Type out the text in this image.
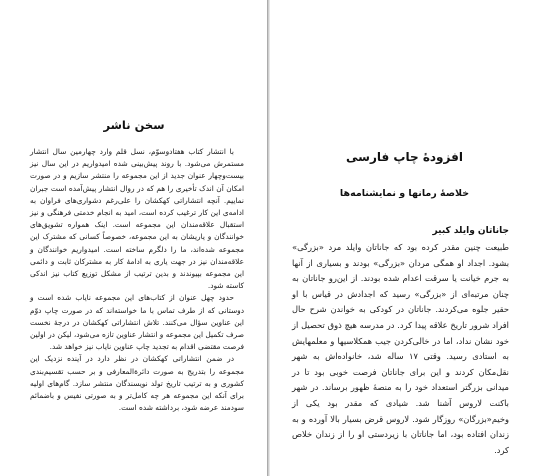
سخن ناشر

با انتشار کتاب هفتادوسوّم، نسل قلم وارد چهارمین سال انتشار مستمرش می‌شود. با روند پیش‌بینی شده امیدواریم در این سال نیز بیست‌وچهار عنوان جدید از این مجموعه را منتشر سازیم و در صورت امکان آن اندک تأخیری را هم که در روال انتشار پیش‌آمده است جبران نماییم. آنچه انتشاراتی کهکشان را علی‌رغم دشواری‌های فراوان به ادامه‌ی این کار ترغیب کرده است، امید به انجام خدمتی فرهنگی و نیز استقبال علاقه‌مندان این مجموعه است. اینک همواره تشویق‌های خوانندگان و یاریشان به این مجموعه، خصوصاً کسانی که مشترک این مجموعه شده‌اند، ما را دلگرم ساخته است. امیدواریم خوانندگان و علاقه‌مندان نیز در جهت یاری به ادامهٔ کار به مشترکان ثابت و دائمی این مجموعه بپیوندند و بدین ترتیب از مشکل توزیع کتاب نیز اندکی کاسته شود.

حدود چهل عنوان از کتاب‌های این مجموعه نایاب شده است و دوستانی که از طرف تماس با ما خواسته‌اند که در صورت چاپ دوّم این عناوین سؤال می‌کنند. تلاش انتشاراتی کهکشان در درجهٔ نخست صرف تکمیل این مجموعه و انتشار عناوین تازه می‌شود، لیکن در اولین فرصت مقتضی اقدام به تجدید چاپ عناوین نایاب نیز خواهد شد.

در ضمن انتشاراتی کهکشان در نظر دارد در آینده نزدیک این مجموعه را بتدریج به صورت دائرةالمعارفی و بر حسب تقسیم‌بندی کشوری و به ترتیب تاریخ تولد نویسندگان منتشر سازد. گام‌های اولیه برای آنکه این مجموعه هر چه کامل‌تر و به صورتی نفیس و باضمائم سودمند عرضه شود، برداشته شده است.

افزودهٔ چاپ فارسی
خلاصهٔ رمانها و نمایشنامه‌ها
جاناتان وایلد کبیر
طبیعت چنین مقدر کرده بود که جاناتان وایلد مرد «بزرگی» بشود. اجداد او همگی مردان «بزرگی» بودند و بسیاری از آنها به جرم خیانت یا سرقت اعدام شده بودند. از این‌رو جاناتان به چنان مرتبه‌ای از «بزرگی» رسید که اجدادش در قیاس با او حقیر جلوه می‌کردند. جاناتان در کودکی به خواندن شرح حال افراد شرور تاریخ علاقه پیدا کرد. در مدرسه هیچ ذوق تحصیل از خود نشان نداد، اما در خالی‌کردن جیب همکلاسیها و معلمهایش به استادی رسید. وقتی ۱۷ ساله شد، خانواده‌اش به شهر نقل‌مکان کردند و این برای جاناتان فرصت خوبی بود تا در میدانی بزرگتر استعداد خود را به منصهٔ ظهور برساند. در شهر باکنت لاروس آشنا شد. شیادی که مقدر بود یکی از وخیم‌«بزرگان» روزگار شود. لاروس قرض بسیار بالا آورده و به زندان افتاده بود، اما جاناتان با زیردستی او را از زندان خلاص کرد.
